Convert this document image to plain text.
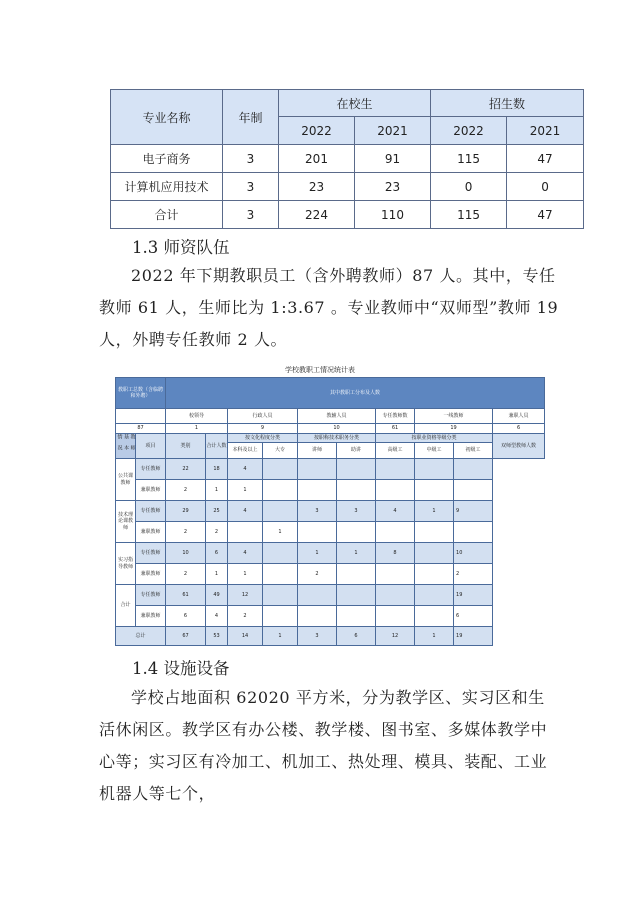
专业名称	年制	在校生		招生数	
		2022	2021	2022	2021
电子商务	3	201	91	115	47
计算机应用技术	3	23	23	0	0
合计	3	224	110	115	47
1.3 师资队伍

2022 年下期教职员工（含外聘教师）87 人。其中，专任教师 61 人，生师比为 1:3.67 。专业教师中“双师型”教师 19 人，外聘专任教师 2 人。

学校教职工情况统计表
教职工总数（含临聘和外聘）		其中教职工分布及人数									

		校领导		行政人员		教辅人员		专任教师数	一线教师		兼职人员
87		1		9		10		61	19		6
教师基本情况	项目	类别	合计人数	按文化程度分类		按职称技术职务分类		按职业资格等级分类			双师型教师人数
				本科及以上	大专	讲师	助讲	高级工	中级工	初级工	
公共课教师	专任教师	22	18	4							
	兼职教师	2	1	1							
技术理论课教师	专任教师	29	25	4		3	3	4	1	9	
	兼职教师	2	2		1						
实习指导教师	专任教师	10	6	4		1	1	8		10	
	兼职教师	2	1	1		2				2	
合计	专任教师	61	49	12						19	
	兼职教师	6	4	2						6	
总计		67	53	14	1	3	6	12	1	19	
1.4 设施设备

学校占地面积 62020 平方米，分为教学区、实习区和生活休闲区。教学区有办公楼、教学楼、图书室、多媒体教学中心等；实习区有冷加工、机加工、热处理、模具、装配、工业机器人等七个，
